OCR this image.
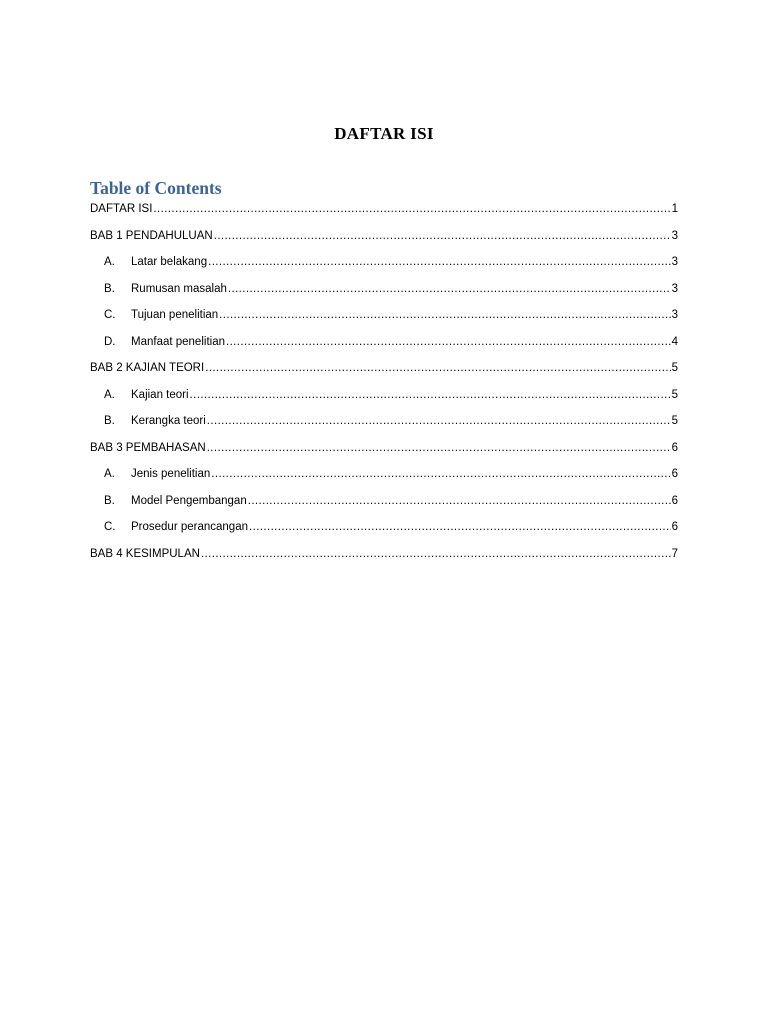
DAFTAR ISI
Table of Contents
DAFTAR ISI .....	1
BAB 1 PENDAHULUAN .....	3
A.	Latar belakang .....	3
B.	Rumusan masalah .....	3
C.	Tujuan penelitian .....	3
D.	Manfaat penelitian .....	4
BAB 2 KAJIAN TEORI .....	5
A.	Kajian teori .....	5
B.	Kerangka teori .....	5
BAB 3 PEMBAHASAN .....	6
A.	Jenis penelitian .....	6
B.	Model Pengembangan .....	6
C.	Prosedur perancangan .....	6
BAB 4 KESIMPULAN .....	7
